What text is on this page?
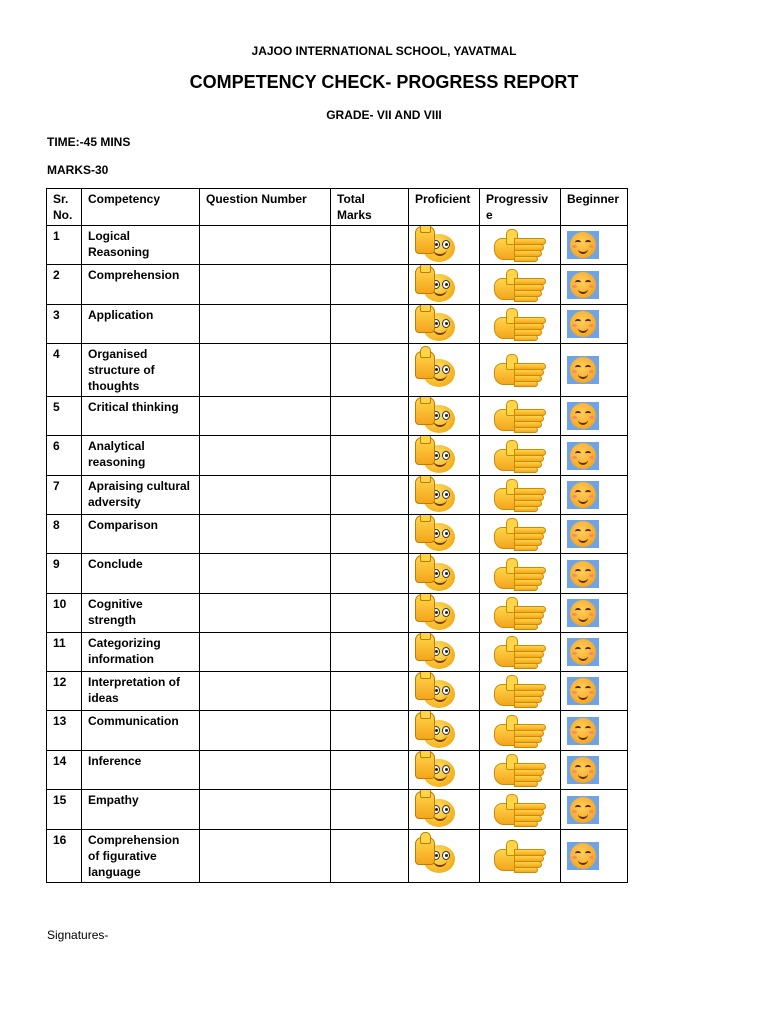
JAJOO INTERNATIONAL SCHOOL, YAVATMAL
COMPETENCY CHECK- PROGRESS REPORT
GRADE- VII AND VIII
TIME:-45 MINS
MARKS-30
Sr. No.	Competency	Question Number	Total Marks	Proficient	Progressive	Beginner
1	Logical Reasoning			

2	Comprehension			

3	Application			

4	Organised structure of thoughts			

5	Critical thinking			

6	Analytical reasoning			

7	Apraising cultural adversity			

8	Comparison			

9	Conclude			

10	Cognitive strength			

11	Categorizing information			

12	Interpretation of ideas			

13	Communication			

14	Inference			

15	Empathy			

16	Comprehension of figurative language			

Signatures-
